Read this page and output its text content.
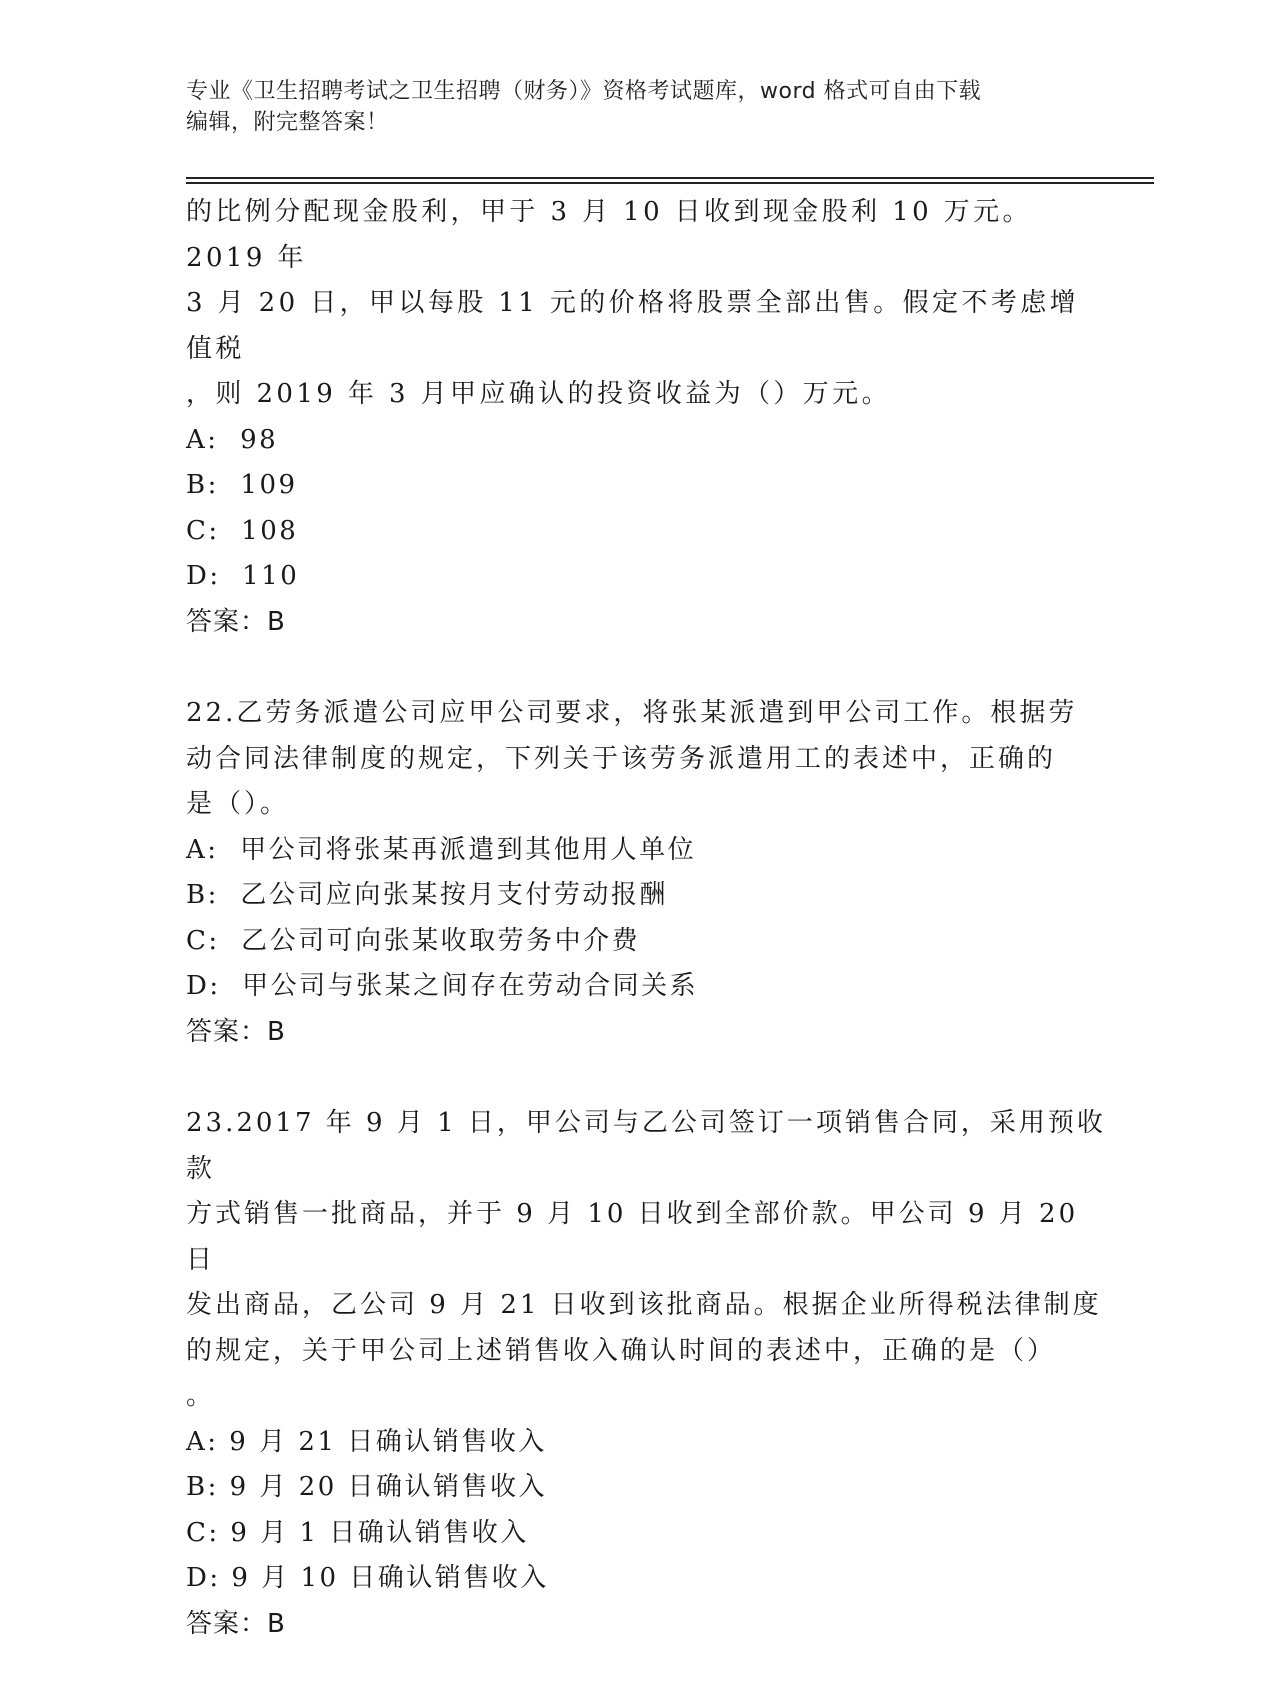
专业《卫生招聘考试之卫生招聘（财务）》资格考试题库，word 格式可自由下载
编辑，附完整答案！
的比例分配现金股利，甲于 3 月 10 日收到现金股利 10 万元。2019 年
3 月 20 日，甲以每股 11 元的价格将股票全部出售。假定不考虑增值税
，则 2019 年 3 月甲应确认的投资收益为（）万元。
A:  98
B:  109
C:  108
D:  110
答案：B
22.乙劳务派遣公司应甲公司要求，将张某派遣到甲公司工作。根据劳
动合同法律制度的规定，下列关于该劳务派遣用工的表述中，正确的
是（）。
A:  甲公司将张某再派遣到其他用人单位
B:  乙公司应向张某按月支付劳动报酬
C:  乙公司可向张某收取劳务中介费
D:  甲公司与张某之间存在劳动合同关系
答案：B
23.2017 年 9 月 1 日，甲公司与乙公司签订一项销售合同，采用预收款
方式销售一批商品，并于 9 月 10 日收到全部价款。甲公司 9 月 20 日
发出商品，乙公司 9 月 21 日收到该批商品。根据企业所得税法律制度
的规定，关于甲公司上述销售收入确认时间的表述中，正确的是（）
。
A: 9 月 21 日确认销售收入
B: 9 月 20 日确认销售收入
C: 9 月 1 日确认销售收入
D: 9 月 10 日确认销售收入
答案：B
